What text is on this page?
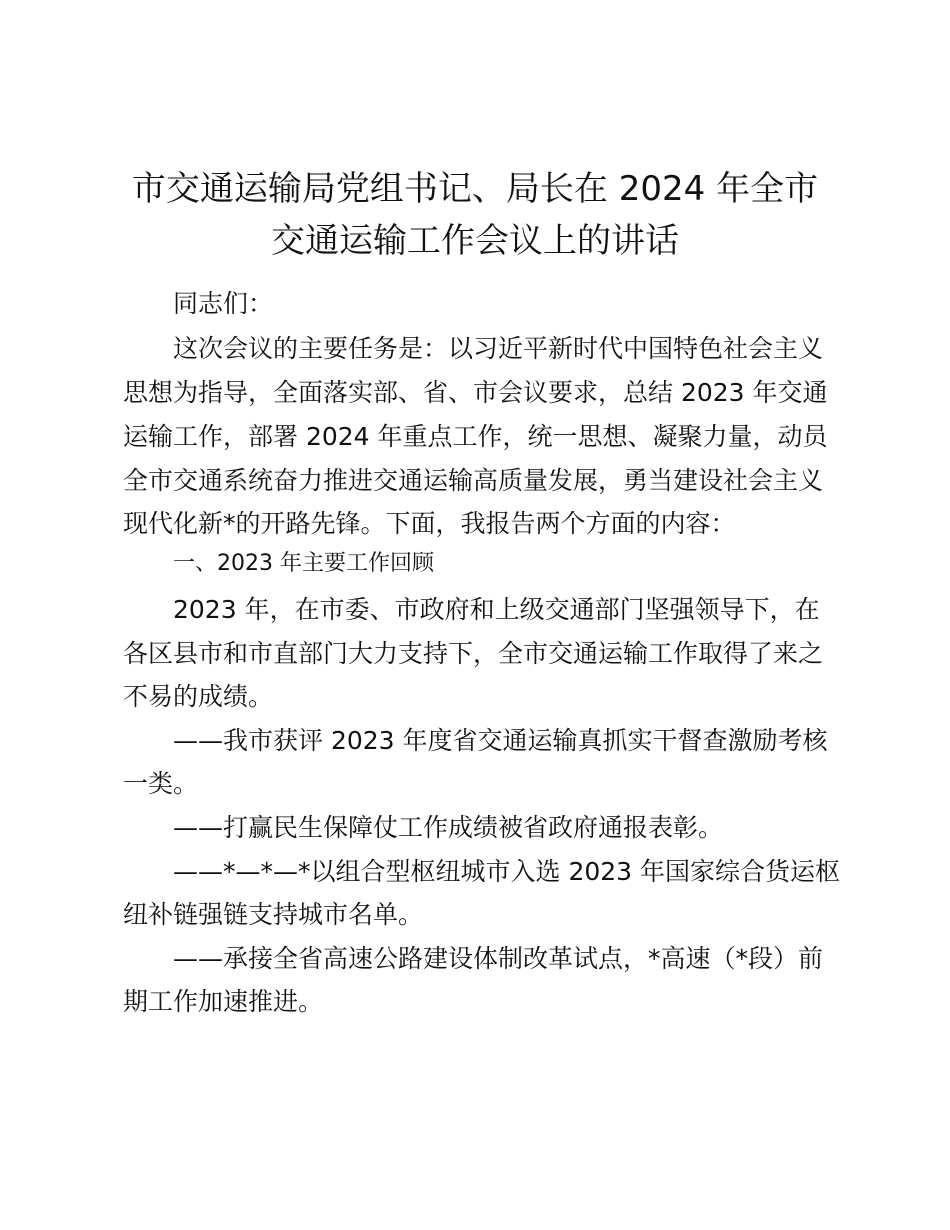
市交通运输局党组书记、局长在 2024 年全市
交通运输工作会议上的讲话
同志们：
这次会议的主要任务是：以习近平新时代中国特色社会主义
思想为指导，全面落实部、省、市会议要求，总结 2023 年交通
运输工作，部署 2024 年重点工作，统一思想、凝聚力量，动员
全市交通系统奋力推进交通运输高质量发展，勇当建设社会主义
现代化新*的开路先锋。下面，我报告两个方面的内容：
一、2023 年主要工作回顾
2023 年，在市委、市政府和上级交通部门坚强领导下，在
各区县市和市直部门大力支持下，全市交通运输工作取得了来之
不易的成绩。
——我市获评 2023 年度省交通运输真抓实干督查激励考核
一类。
——打赢民生保障仗工作成绩被省政府通报表彰。
——*—*—*以组合型枢纽城市入选 2023 年国家综合货运枢
纽补链强链支持城市名单。
——承接全省高速公路建设体制改革试点，*高速（*段）前
期工作加速推进。
